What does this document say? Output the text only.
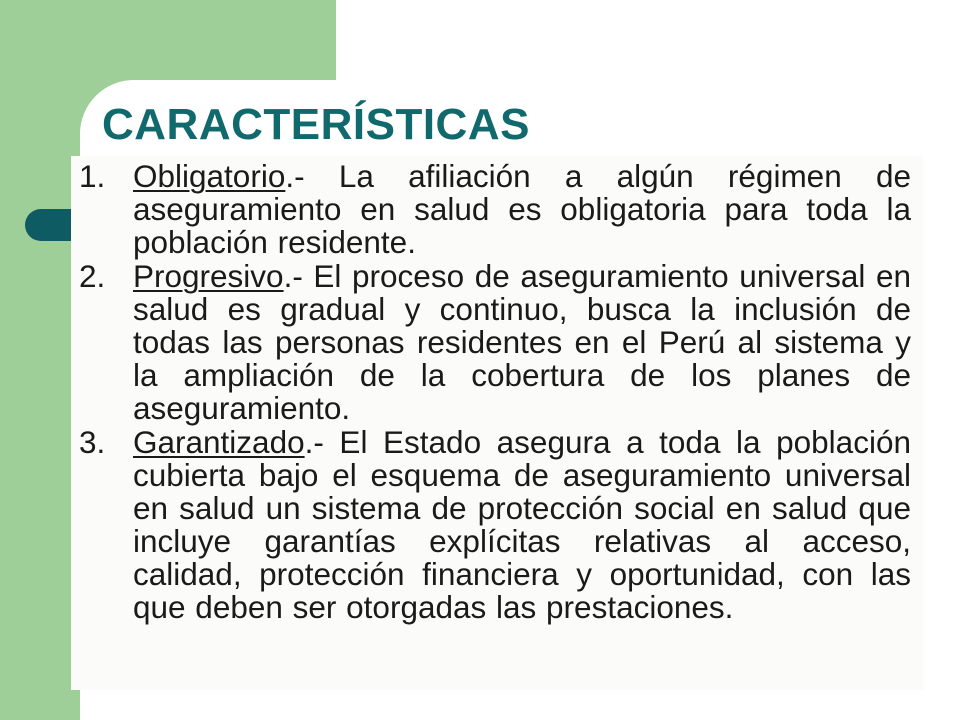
CARACTERÍSTICAS
1. Obligatorio.- La afiliación a algún régimen de aseguramiento en salud es obligatoria para toda la población residente.
2. Progresivo.- El proceso de aseguramiento universal en salud es gradual y continuo, busca la inclusión de todas las personas residentes en el Perú al sistema y la ampliación de la cobertura de los planes de aseguramiento.
3. Garantizado.- El Estado asegura a toda la población cubierta bajo el esquema de aseguramiento universal en salud un sistema de protección social en salud que incluye garantías explícitas relativas al acceso, calidad, protección financiera y oportunidad, con las que deben ser otorgadas las prestaciones.
